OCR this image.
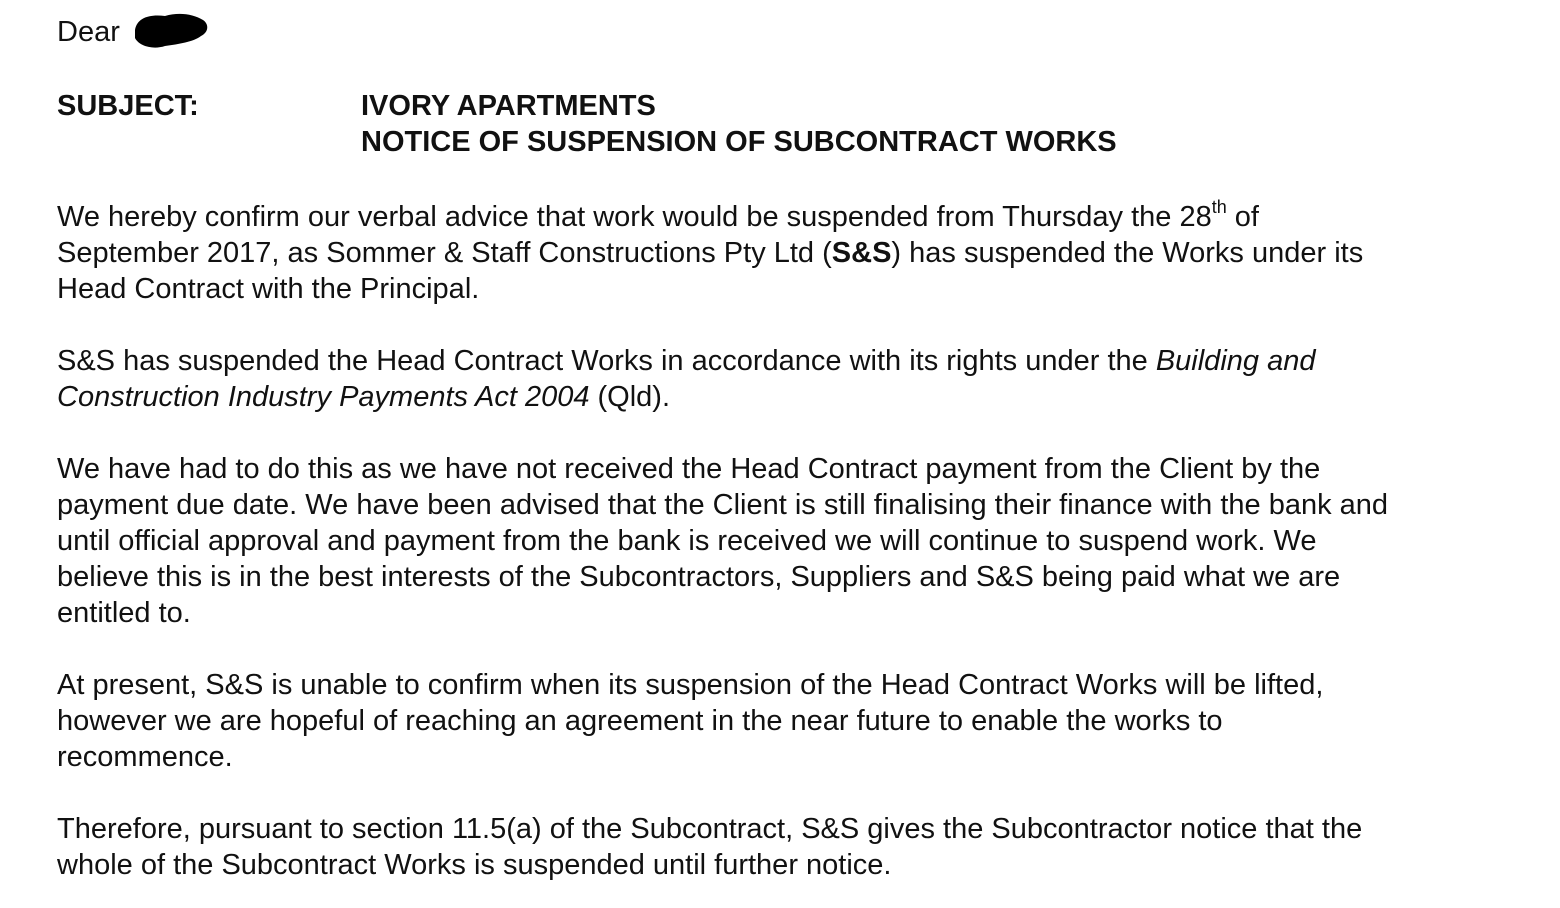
Dear
SUBJECT:	IVORY APARTMENTS
NOTICE OF SUSPENSION OF SUBCONTRACT WORKS
We hereby confirm our verbal advice that work would be suspended from Thursday the 28th of
September 2017, as Sommer & Staff Constructions Pty Ltd (S&S) has suspended the Works under its
Head Contract with the Principal.
S&S has suspended the Head Contract Works in accordance with its rights under the Building and
Construction Industry Payments Act 2004 (Qld).
We have had to do this as we have not received the Head Contract payment from the Client by the
payment due date. We have been advised that the Client is still finalising their finance with the bank and
until official approval and payment from the bank is received we will continue to suspend work. We
believe this is in the best interests of the Subcontractors, Suppliers and S&S being paid what we are
entitled to.
At present, S&S is unable to confirm when its suspension of the Head Contract Works will be lifted,
however we are hopeful of reaching an agreement in the near future to enable the works to
recommence.
Therefore, pursuant to section 11.5(a) of the Subcontract, S&S gives the Subcontractor notice that the
whole of the Subcontract Works is suspended until further notice.
